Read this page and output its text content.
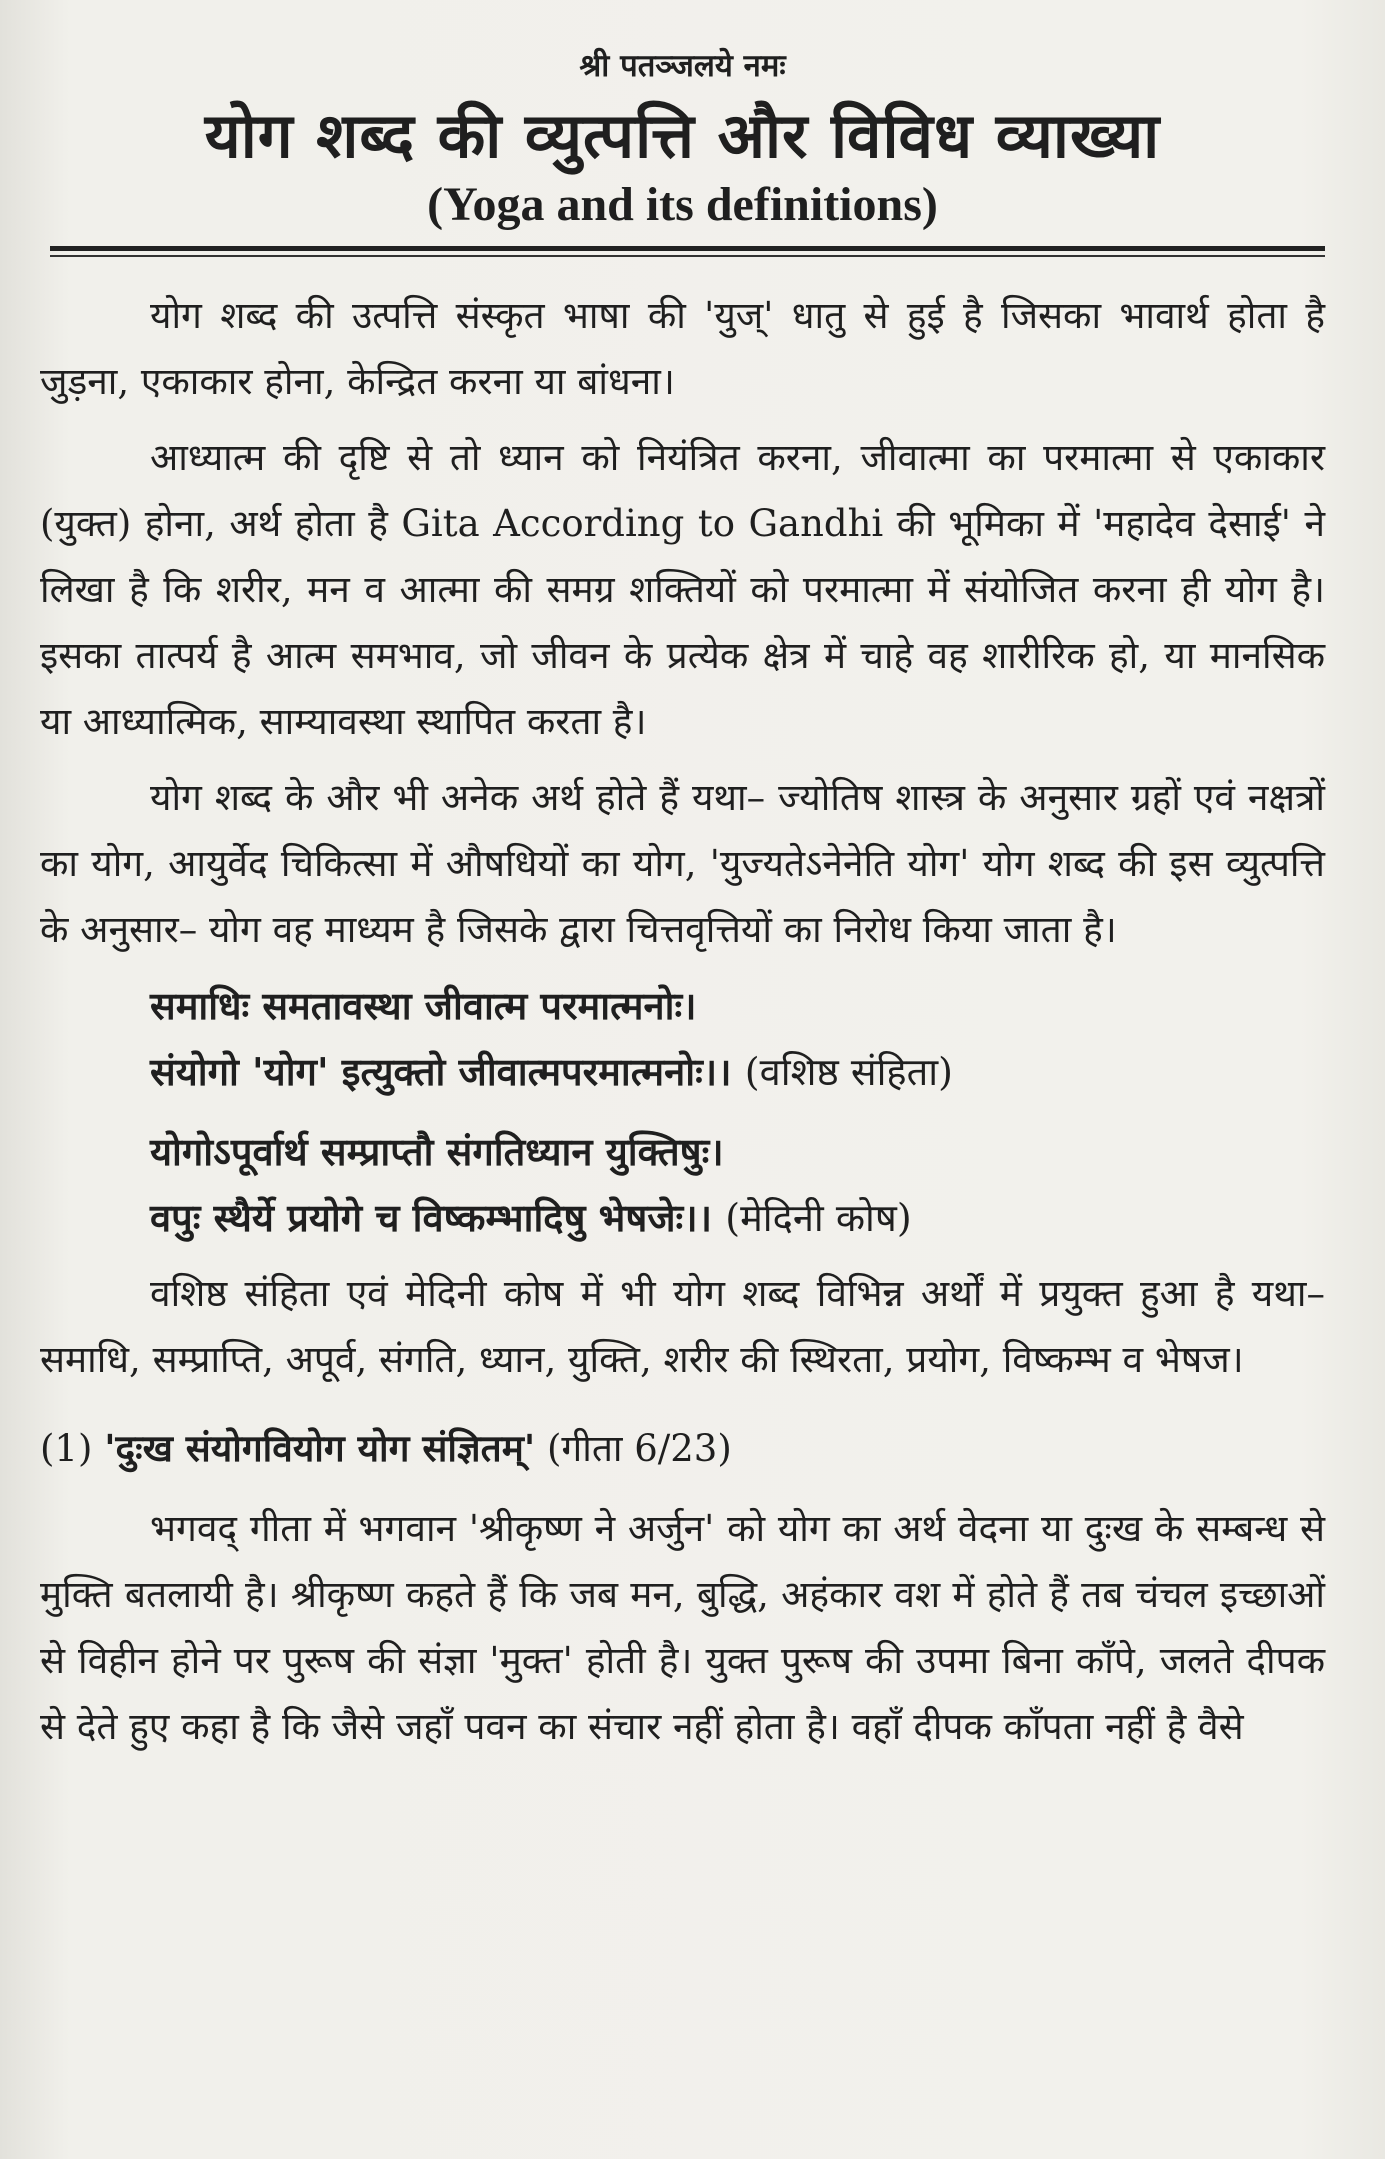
श्री पतञ्जलये नमः
योग शब्द की व्युत्पत्ति और विविध व्याख्या
(Yoga and its definitions)

योग शब्द की उत्पत्ति संस्कृत भाषा की 'युज्' धातु से हुई है जिसका भावार्थ होता है जुड़ना, एकाकार होना, केन्द्रित करना या बांधना।

आध्यात्म की दृष्टि से तो ध्यान को नियंत्रित करना, जीवात्मा का परमात्मा से एकाकार (युक्त) होना, अर्थ होता है Gita According to Gandhi की भूमिका में 'महादेव देसाई' ने लिखा है कि शरीर, मन व आत्मा की समग्र शक्तियों को परमात्मा में संयोजित करना ही योग है। इसका तात्पर्य है आत्म समभाव, जो जीवन के प्रत्येक क्षेत्र में चाहे वह शारीरिक हो, या मानसिक या आध्यात्मिक, साम्यावस्था स्थापित करता है।

योग शब्द के और भी अनेक अर्थ होते हैं यथा– ज्योतिष शास्त्र के अनुसार ग्रहों एवं नक्षत्रों का योग, आयुर्वेद चिकित्सा में औषधियों का योग, 'युज्यतेऽनेनेति योग' योग शब्द की इस व्युत्पत्ति के अनुसार– योग वह माध्यम है जिसके द्वारा चित्तवृत्तियों का निरोध किया जाता है।

समाधिः समतावस्था जीवात्म परमात्मनोः।
संयोगो 'योग' इत्युक्तो जीवात्मपरमात्मनोः।। (वशिष्ठ संहिता)
योगोऽपूर्वार्थ सम्प्राप्तौ संगतिध्यान युक्तिषुः।
वपुः स्थैर्ये प्रयोगे च विष्कम्भादिषु भेषजेः।। (मेदिनी कोष)

वशिष्ठ संहिता एवं मेदिनी कोष में भी योग शब्द विभिन्न अर्थों में प्रयुक्त हुआ है यथा– समाधि, सम्प्राप्ति, अपूर्व, संगति, ध्यान, युक्ति, शरीर की स्थिरता, प्रयोग, विष्कम्भ व भेषज।

(1) 'दुःख संयोगवियोग योग संज्ञितम्' (गीता 6/23)

भगवद् गीता में भगवान 'श्रीकृष्ण ने अर्जुन' को योग का अर्थ वेदना या दुःख के सम्बन्ध से मुक्ति बतलायी है। श्रीकृष्ण कहते हैं कि जब मन, बुद्धि, अहंकार वश में होते हैं तब चंचल इच्छाओं से विहीन होने पर पुरूष की संज्ञा 'मुक्त' होती है। युक्त पुरूष की उपमा बिना काँपे, जलते दीपक से देते हुए कहा है कि जैसे जहाँ पवन का संचार नहीं होता है। वहाँ दीपक काँपता नहीं है वैसे
